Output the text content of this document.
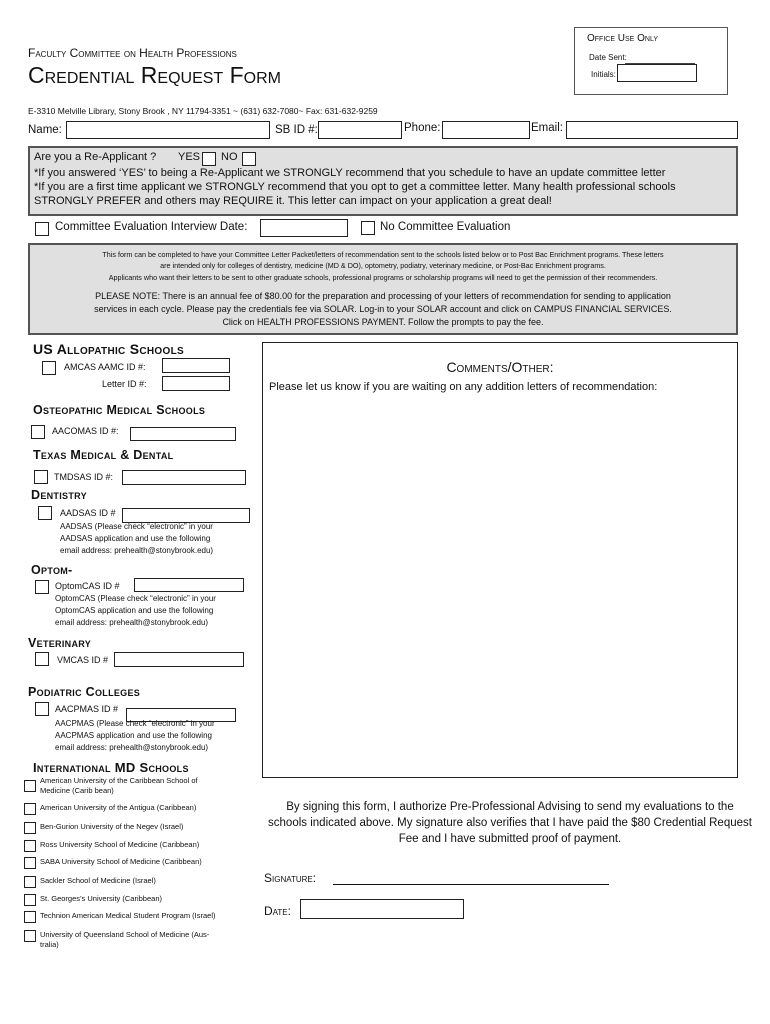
Office Use Only
Date Sent:
Initials:
Faculty Committee on Health Professions
Credential Request Form
E-3310 Melville Library, Stony Brook , NY 11794-3351 ~ (631) 632-7080~ Fax: 631-632-9259
Name:	SB ID #:	Phone:	Email:
Are you a Re-Applicant ? YES NO
*If you answered ‘YES’ to being a Re-Applicant we STRONGLY recommend that you schedule to have an update committee letter
*If you are a first time applicant we STRONGLY recommend that you opt to get a committee letter. Many health professional schools
STRONGLY PREFER and others may REQUIRE it. This letter can impact on your application a great deal!
Committee Evaluation Interview Date:	No Committee Evaluation
This form can be completed to have your Committee Letter Packet/letters of recommendation sent to the schools listed below or to Post Bac Enrichment programs. These letters
are intended only for colleges of dentistry, medicine (MD & DO), optometry, podiatry, veterinary medicine, or Post-Bac Enrichment programs.
Applicants who want their letters to be sent to other graduate schools, professional programs or scholarship programs will need to get the permission of their recommenders.
PLEASE NOTE: There is an annual fee of $80.00 for the preparation and processing of your letters of recommendation for sending to application
services in each cycle. Please pay the credentials fee via SOLAR. Log-in to your SOLAR account and click on CAMPUS FINANCIAL SERVICES.
Click on HEALTH PROFESSIONS PAYMENT. Follow the prompts to pay the fee.
US Allopathic Schools
AMCAS AAMC ID #:
Letter ID #:
Osteopathic Medical Schools
AACOMAS ID #:
Texas Medical & Dental
TMDSAS ID #:
Dentistry
AADSAS ID #
AADSAS (Please check “electronic” in your
AADSAS application and use the following
email address: prehealth@stonybrook.edu)
Optom-
OptomCAS ID #
OptomCAS (Please check “electronic” in your
OptomCAS application and use the following
email address: prehealth@stonybrook.edu)
Veterinary
VMCAS ID #
Podiatric Colleges
AACPMAS ID #
AACPMAS (Please check “electronic” in your
AACPMAS application and use the following
email address: prehealth@stonybrook.edu)
International MD Schools
American University of the Caribbean School of
Medicine (Carib bean)
American University of the Antigua (Caribbean)
Ben-Gurion University of the Negev (Israel)
Ross University School of Medicine (Caribbean)
SABA University School of Medicine (Caribbean)
Sackler School of Medicine (Israel)
St. Georges’s University (Caribbean)
Technion American Medical Student Program (Israel)
University of Queensland School of Medicine (Aus-
tralia)
Comments/Other:
Please let us know if you are waiting on any addition letters of recommendation:
By signing this form, I authorize Pre-Professional Advising to send my evaluations to the
schools indicated above. My signature also verifies that I have paid the $80 Credential Request
Fee and I have submitted proof of payment.
Signature:
Date:
